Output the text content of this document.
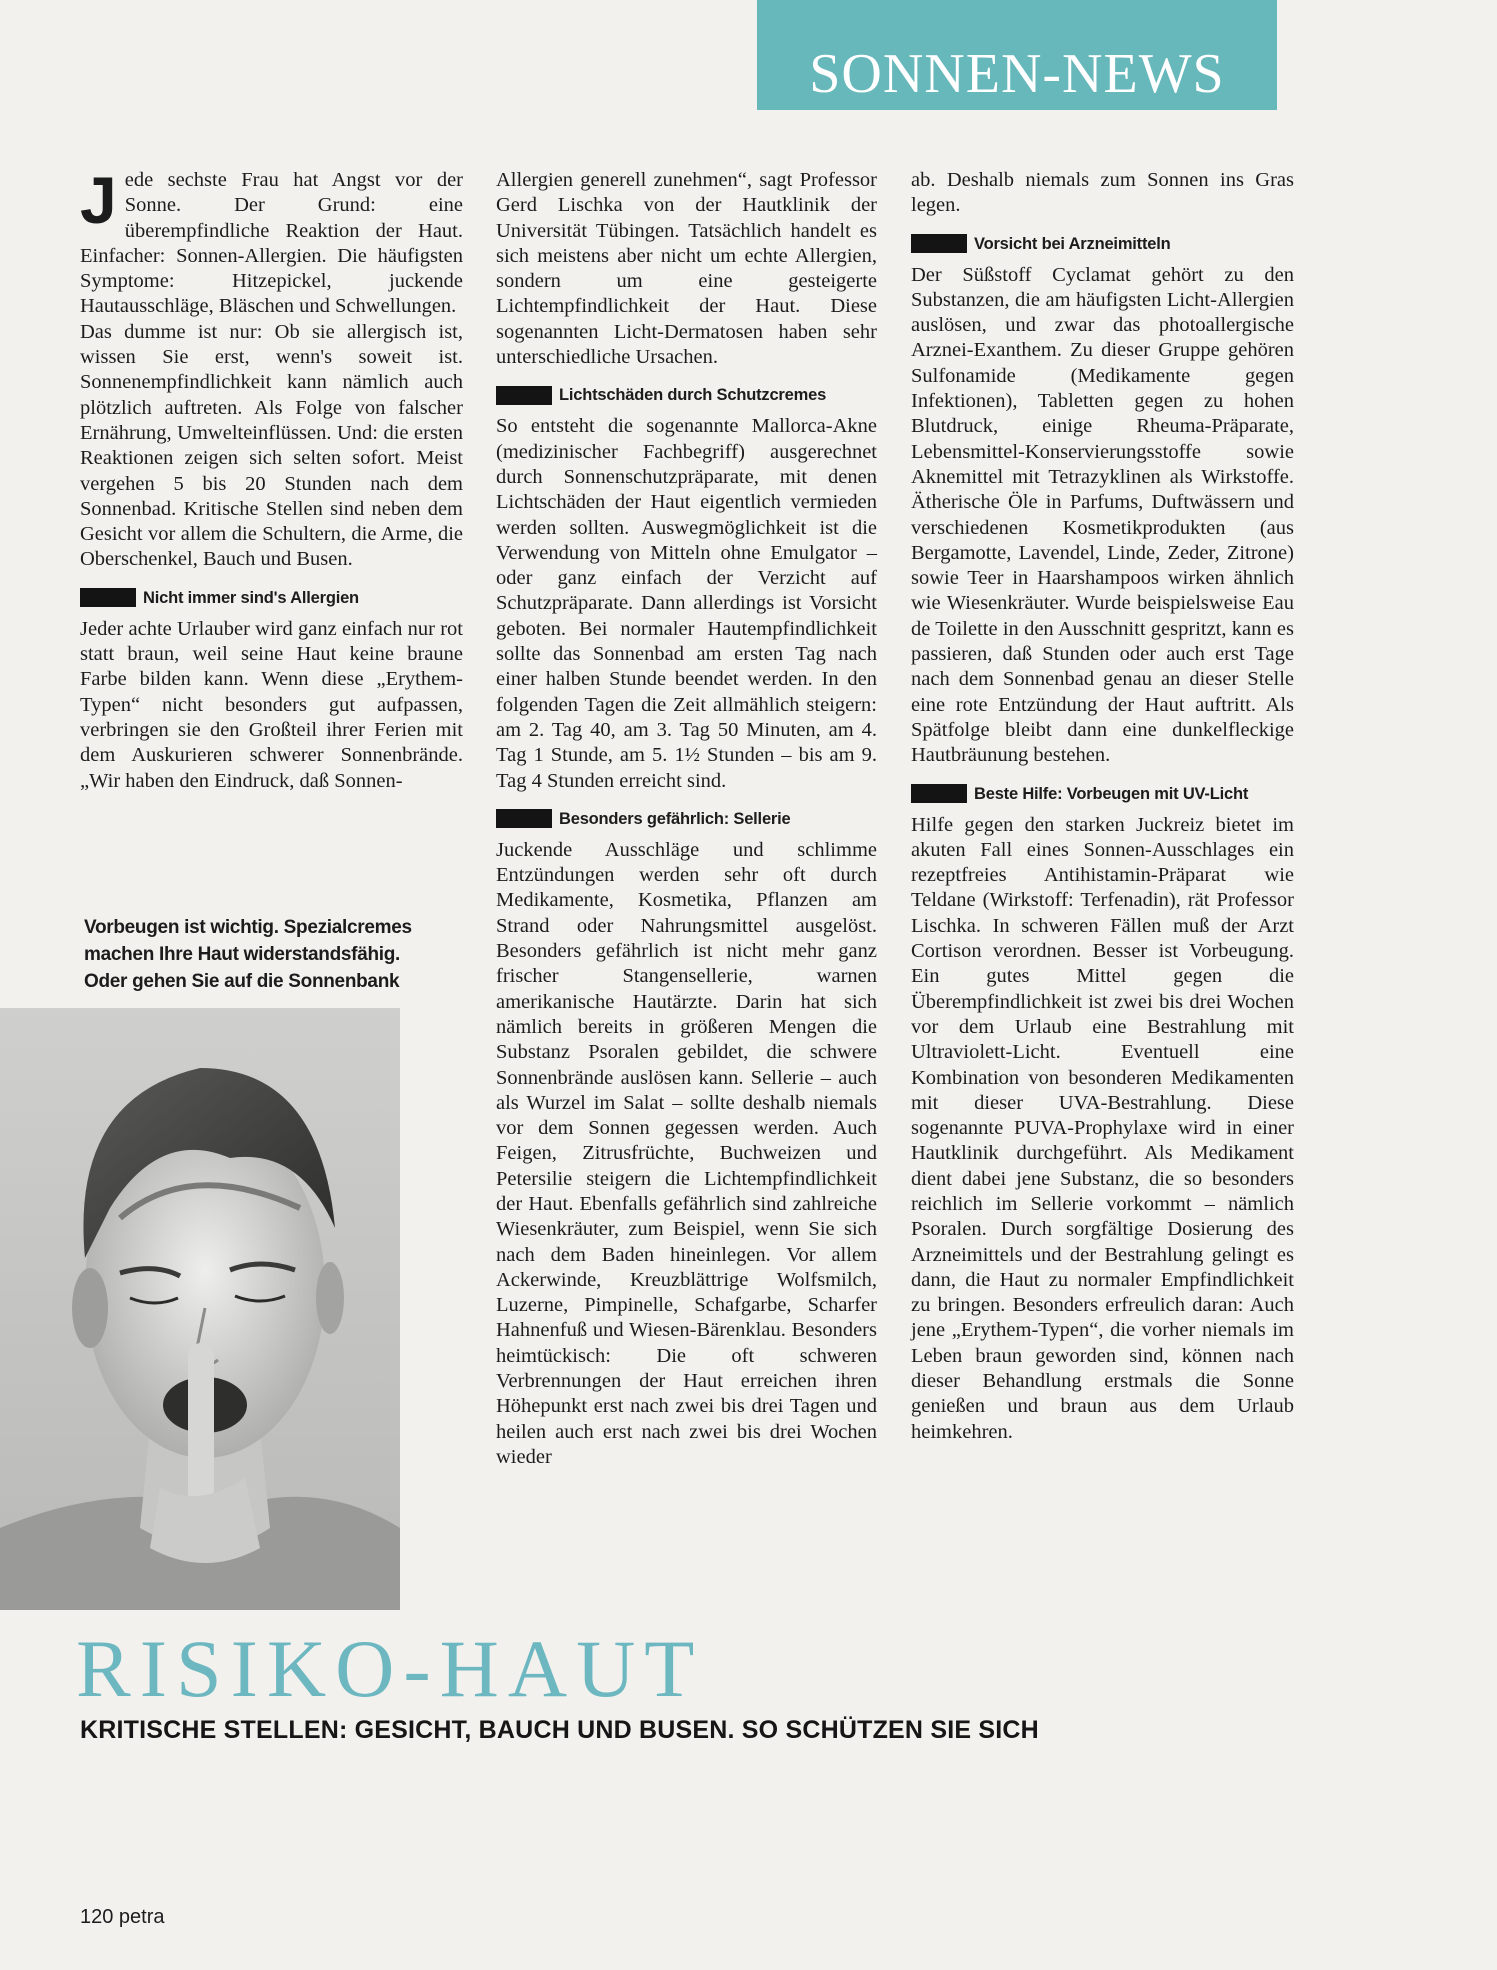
SONNEN-NEWS

Jede sechste Frau hat Angst vor der Sonne. Der Grund: eine überempfindliche Reaktion der Haut. Einfacher: Sonnen-Allergien. Die häufigsten Symptome: Hitzepickel, juckende Hautausschläge, Bläschen und Schwellungen.

Das dumme ist nur: Ob sie allergisch ist, wissen Sie erst, wenn's soweit ist. Sonnenempfindlichkeit kann nämlich auch plötzlich auftreten. Als Folge von falscher Ernährung, Umwelteinflüssen. Und: die ersten Reaktionen zeigen sich selten sofort. Meist vergehen 5 bis 20 Stunden nach dem Sonnenbad. Kritische Stellen sind neben dem Gesicht vor allem die Schultern, die Arme, die Oberschenkel, Bauch und Busen.

Nicht immer sind's Allergien

Jeder achte Urlauber wird ganz einfach nur rot statt braun, weil seine Haut keine braune Farbe bilden kann. Wenn diese „Erythem-Typen“ nicht besonders gut aufpassen, verbringen sie den Großteil ihrer Ferien mit dem Auskurieren schwerer Sonnenbrände. „Wir haben den Eindruck, daß Sonnen-

Vorbeugen ist wichtig. Spezialcremes machen Ihre Haut widerstandsfähig. Oder gehen Sie auf die Sonnenbank

Allergien generell zunehmen“, sagt Professor Gerd Lischka von der Hautklinik der Universität Tübingen. Tatsächlich handelt es sich meistens aber nicht um echte Allergien, sondern um eine gesteigerte Lichtempfindlichkeit der Haut. Diese sogenannten Licht-Dermatosen haben sehr unterschiedliche Ursachen.

Lichtschäden durch Schutzcremes

So entsteht die sogenannte Mallorca-Akne (medizinischer Fachbegriff) ausgerechnet durch Sonnenschutzpräparate, mit denen Lichtschäden der Haut eigentlich vermieden werden sollten. Auswegmöglichkeit ist die Verwendung von Mitteln ohne Emulgator – oder ganz einfach der Verzicht auf Schutzpräparate. Dann allerdings ist Vorsicht geboten. Bei normaler Hautempfindlichkeit sollte das Sonnenbad am ersten Tag nach einer halben Stunde beendet werden. In den folgenden Tagen die Zeit allmählich steigern: am 2. Tag 40, am 3. Tag 50 Minuten, am 4. Tag 1 Stunde, am 5. 1½ Stunden – bis am 9. Tag 4 Stunden erreicht sind.

Besonders gefährlich: Sellerie

Juckende Ausschläge und schlimme Entzündungen werden sehr oft durch Medikamente, Kosmetika, Pflanzen am Strand oder Nahrungsmittel ausgelöst. Besonders gefährlich ist nicht mehr ganz frischer Stangensellerie, warnen amerikanische Hautärzte. Darin hat sich nämlich bereits in größeren Mengen die Substanz Psoralen gebildet, die schwere Sonnenbrände auslösen kann. Sellerie – auch als Wurzel im Salat – sollte deshalb niemals vor dem Sonnen gegessen werden. Auch Feigen, Zitrusfrüchte, Buchweizen und Petersilie steigern die Lichtempfindlichkeit der Haut. Ebenfalls gefährlich sind zahlreiche Wiesenkräuter, zum Beispiel, wenn Sie sich nach dem Baden hineinlegen. Vor allem Ackerwinde, Kreuzblättrige Wolfsmilch, Luzerne, Pimpinelle, Schafgarbe, Scharfer Hahnenfuß und Wiesen-Bärenklau. Besonders heimtückisch: Die oft schweren Verbrennungen der Haut erreichen ihren Höhepunkt erst nach zwei bis drei Tagen und heilen auch erst nach zwei bis drei Wochen wieder

ab. Deshalb niemals zum Sonnen ins Gras legen.

Vorsicht bei Arzneimitteln

Der Süßstoff Cyclamat gehört zu den Substanzen, die am häufigsten Licht-Allergien auslösen, und zwar das photoallergische Arznei-Exanthem. Zu dieser Gruppe gehören Sulfonamide (Medikamente gegen Infektionen), Tabletten gegen zu hohen Blutdruck, einige Rheuma-Präparate, Lebensmittel-Konservierungsstoffe sowie Aknemittel mit Tetrazyklinen als Wirkstoffe. Ätherische Öle in Parfums, Duftwässern und verschiedenen Kosmetikprodukten (aus Bergamotte, Lavendel, Linde, Zeder, Zitrone) sowie Teer in Haarshampoos wirken ähnlich wie Wiesenkräuter. Wurde beispielsweise Eau de Toilette in den Ausschnitt gespritzt, kann es passieren, daß Stunden oder auch erst Tage nach dem Sonnenbad genau an dieser Stelle eine rote Entzündung der Haut auftritt. Als Spätfolge bleibt dann eine dunkelfleckige Hautbräunung bestehen.

Beste Hilfe: Vorbeugen mit UV-Licht

Hilfe gegen den starken Juckreiz bietet im akuten Fall eines Sonnen-Ausschlages ein rezeptfreies Antihistamin-Präparat wie Teldane (Wirkstoff: Terfenadin), rät Professor Lischka. In schweren Fällen muß der Arzt Cortison verordnen. Besser ist Vorbeugung. Ein gutes Mittel gegen die Überempfindlichkeit ist zwei bis drei Wochen vor dem Urlaub eine Bestrahlung mit Ultraviolett-Licht. Eventuell eine Kombination von besonderen Medikamenten mit dieser UVA-Bestrahlung. Diese sogenannte PUVA-Prophylaxe wird in einer Hautklinik durchgeführt. Als Medikament dient dabei jene Substanz, die so besonders reichlich im Sellerie vorkommt – nämlich Psoralen. Durch sorgfältige Dosierung des Arzneimittels und der Bestrahlung gelingt es dann, die Haut zu normaler Empfindlichkeit zu bringen. Besonders erfreulich daran: Auch jene „Erythem-Typen“, die vorher niemals im Leben braun geworden sind, können nach dieser Behandlung erstmals die Sonne genießen und braun aus dem Urlaub heimkehren.

RISIKO-HAUT
KRITISCHE STELLEN: GESICHT, BAUCH UND BUSEN. SO SCHÜTZEN SIE SICH
120 petra
